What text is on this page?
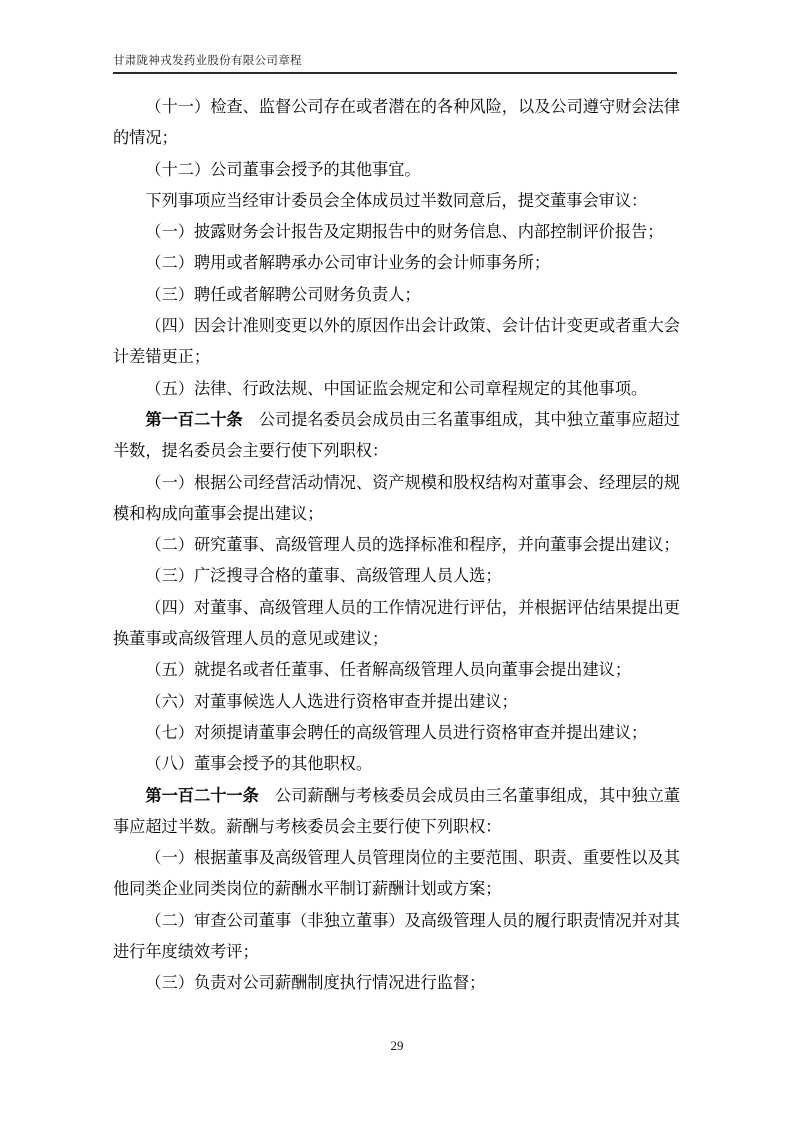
甘肃陇神戎发药业股份有限公司章程

（十一）检查、监督公司存在或者潜在的各种风险，以及公司遵守财会法律的情况；

（十二）公司董事会授予的其他事宜。

下列事项应当经审计委员会全体成员过半数同意后，提交董事会审议：

（一）披露财务会计报告及定期报告中的财务信息、内部控制评价报告；

（二）聘用或者解聘承办公司审计业务的会计师事务所；

（三）聘任或者解聘公司财务负责人；

（四）因会计准则变更以外的原因作出会计政策、会计估计变更或者重大会计差错更正；

（五）法律、行政法规、中国证监会规定和公司章程规定的其他事项。

第一百二十条　 公司提名委员会成员由三名董事组成，其中独立董事应超过半数，提名委员会主要行使下列职权：

（一）根据公司经营活动情况、资产规模和股权结构对董事会、经理层的规模和构成向董事会提出建议；

（二）研究董事、高级管理人员的选择标准和程序，并向董事会提出建议；

（三）广泛搜寻合格的董事、高级管理人员人选；

（四）对董事、高级管理人员的工作情况进行评估，并根据评估结果提出更换董事或高级管理人员的意见或建议；

（五）就提名或者任董事、任者解高级管理人员向董事会提出建议；

（六）对董事候选人人选进行资格审查并提出建议；

（七）对须提请董事会聘任的高级管理人员进行资格审查并提出建议；

（八）董事会授予的其他职权。

第一百二十一条　 公司薪酬与考核委员会成员由三名董事组成，其中独立董事应超过半数。薪酬与考核委员会主要行使下列职权：

（一）根据董事及高级管理人员管理岗位的主要范围、职责、重要性以及其他同类企业同类岗位的薪酬水平制订薪酬计划或方案；

（二）审查公司董事（非独立董事）及高级管理人员的履行职责情况并对其进行年度绩效考评；

（三）负责对公司薪酬制度执行情况进行监督；

29
